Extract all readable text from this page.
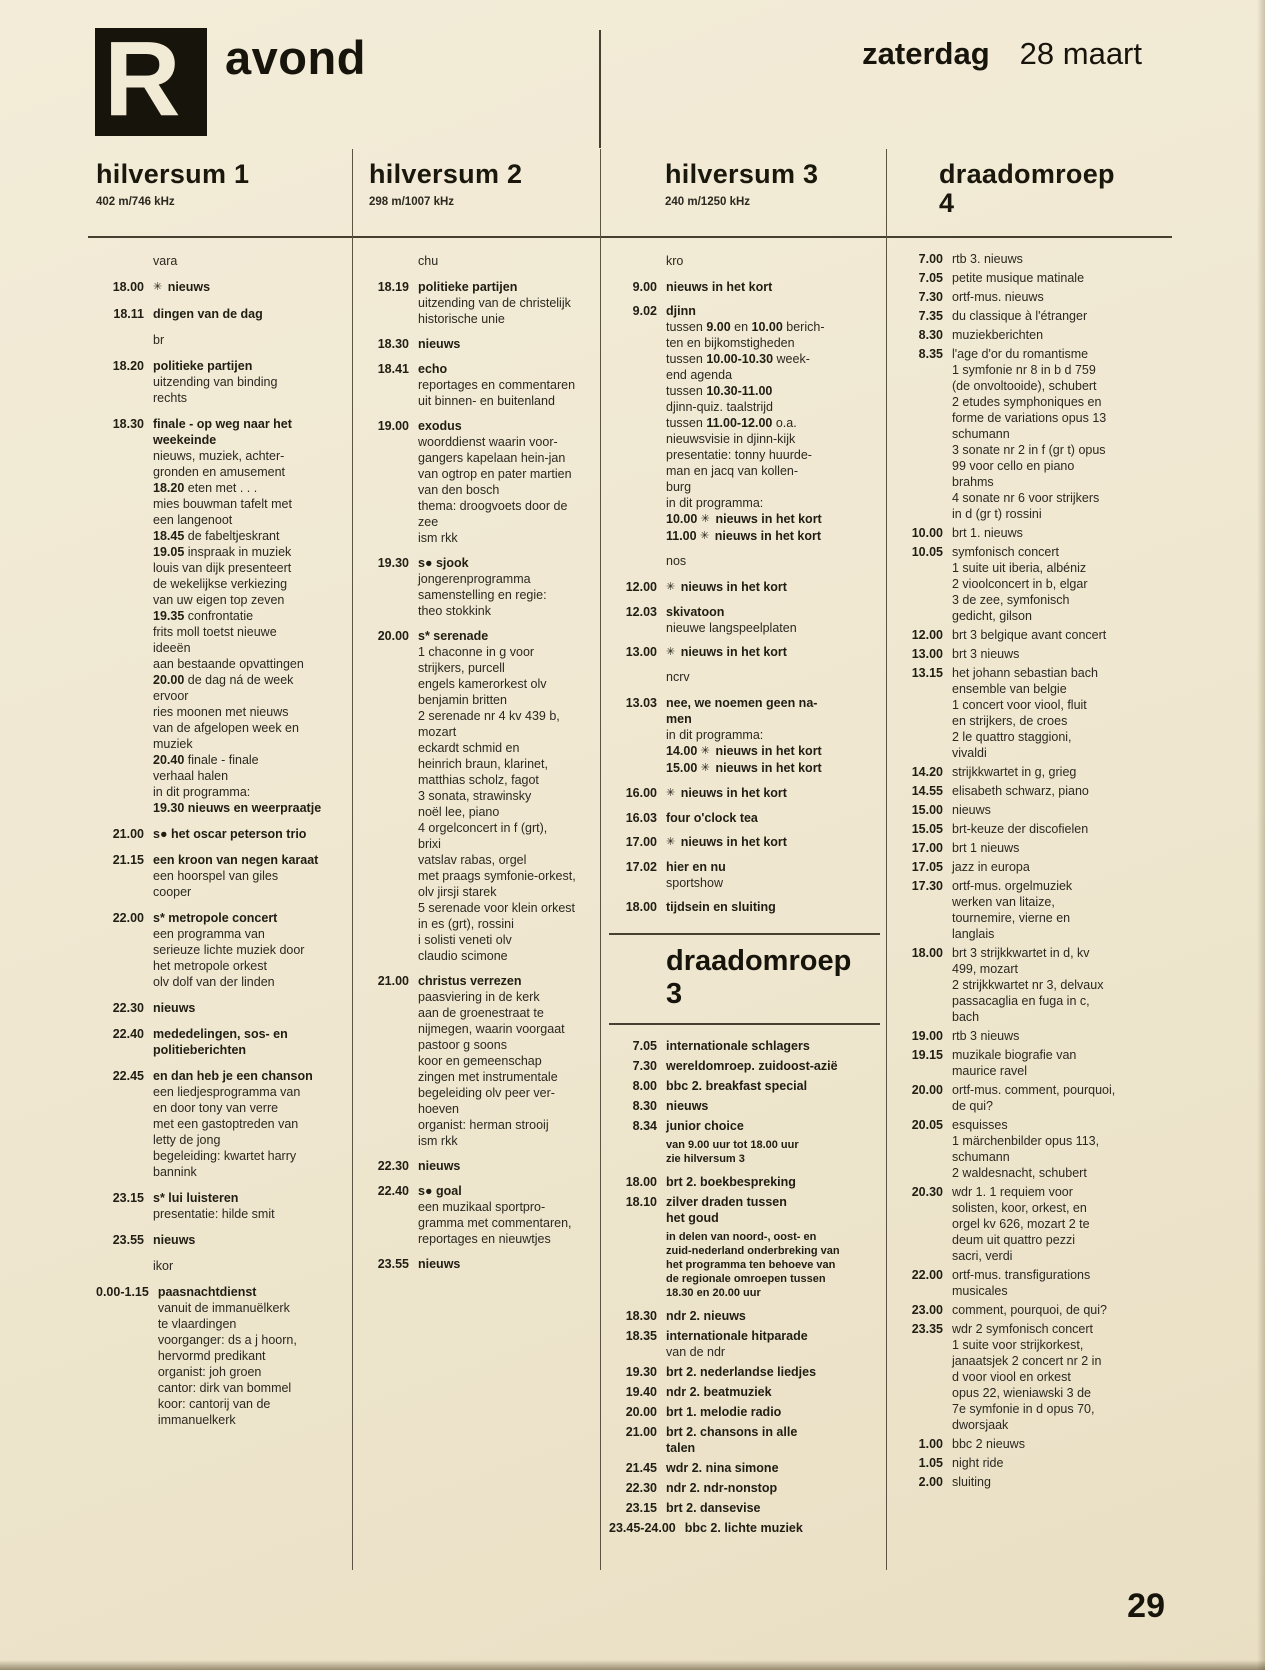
R	avond	zaterdag 28 maart
hilversum 1
402 m/746 kHz
vara
18.00 ✳ nieuws
18.11 dingen van de dag
br
18.20 politieke partijen
uitzending van binding
rechts
18.30 finale - op weg naar het
weekeinde
nieuws, muziek, achter-
gronden en amusement
18.20 eten met . . .
mies bouwman tafelt met
een langenoot
18.45 de fabeltjeskrant
19.05 inspraak in muziek
louis van dijk presenteert
de wekelijkse verkiezing
van uw eigen top zeven
19.35 confrontatie
frits moll toetst nieuwe
ideeën
aan bestaande opvattingen
20.00 de dag ná de week
ervoor
ries moonen met nieuws
van de afgelopen week en
muziek
20.40 finale - finale
verhaal halen
in dit programma:
19.30 nieuws en weerpraatje
21.00 s● het oscar peterson trio
21.15 een kroon van negen karaat
een hoorspel van giles
cooper
22.00 s* metropole concert
een programma van
serieuze lichte muziek door
het metropole orkest
olv dolf van der linden
22.30 nieuws
22.40 mededelingen, sos- en
politieberichten
22.45 en dan heb je een chanson
een liedjesprogramma van
en door tony van verre
met een gastoptreden van
letty de jong
begeleiding: kwartet harry
bannink
23.15 s* lui luisteren
presentatie: hilde smit
23.55 nieuws
ikor
0.00-1.15 paasnachtdienst
vanuit de immanuëlkerk
te vlaardingen
voorganger: ds a j hoorn,
hervormd predikant
organist: joh groen
cantor: dirk van bommel
koor: cantorij van de
immanuelkerk
hilversum 2
298 m/1007 kHz
chu
18.19 politieke partijen
uitzending van de christelijk
historische unie
18.30 nieuws
18.41 echo
reportages en commentaren
uit binnen- en buitenland
19.00 exodus
woorddienst waarin voor-
gangers kapelaan hein-jan
van ogtrop en pater martien
van den bosch
thema: droogvoets door de
zee
ism rkk
19.30 s● sjook
jongerenprogramma
samenstelling en regie:
theo stokkink
20.00 s* serenade
1 chaconne in g voor
strijkers, purcell
engels kamerorkest olv
benjamin britten
2 serenade nr 4 kv 439 b,
mozart
eckardt schmid en
heinrich braun, klarinet,
matthias scholz, fagot
3 sonata, strawinsky
noël lee, piano
4 orgelconcert in f (grt),
brixi
vatslav rabas, orgel
met praags symfonie-orkest,
olv jirsji starek
5 serenade voor klein orkest
in es (grt), rossini
i solisti veneti olv
claudio scimone
21.00 christus verrezen
paasviering in de kerk
aan de groenestraat te
nijmegen, waarin voorgaat
pastoor g soons
koor en gemeenschap
zingen met instrumentale
begeleiding olv peer ver-
hoeven
organist: herman strooij
ism rkk
22.30 nieuws
22.40 s● goal
een muzikaal sportpro-
gramma met commentaren,
reportages en nieuwtjes
23.55 nieuws
hilversum 3
240 m/1250 kHz
kro
9.00 nieuws in het kort
9.02 djinn
tussen 9.00 en 10.00 berich-
ten en bijkomstigheden
tussen 10.00-10.30 week-
end agenda
tussen 10.30-11.00
djinn-quiz. taalstrijd
tussen 11.00-12.00 o.a.
nieuwsvisie in djinn-kijk
presentatie: tonny huurde-
man en jacq van kollen-
burg
in dit programma:
10.00 ✳ nieuws in het kort
11.00 ✳ nieuws in het kort
nos
12.00 ✳ nieuws in het kort
12.03 skivatoon
nieuwe langspeelplaten
13.00 ✳ nieuws in het kort
ncrv
13.03 nee, we noemen geen na-
men
in dit programma:
14.00 ✳ nieuws in het kort
15.00 ✳ nieuws in het kort
16.00 ✳ nieuws in het kort
16.03 four o'clock tea
17.00 ✳ nieuws in het kort
17.02 hier en nu
sportshow
18.00 tijdsein en sluiting
draadomroep
3
7.05 internationale schlagers
7.30 wereldomroep. zuidoost-azië
8.00 bbc 2. breakfast special
8.30 nieuws
8.34 junior choice
van 9.00 uur tot 18.00 uur
zie hilversum 3
18.00 brt 2. boekbespreking
18.10 zilver draden tussen
het goud
in delen van noord-, oost- en
zuid-nederland onderbreking van
het programma ten behoeve van
de regionale omroepen tussen
18.30 en 20.00 uur
18.30 ndr 2. nieuws
18.35 internationale hitparade
van de ndr
19.30 brt 2. nederlandse liedjes
19.40 ndr 2. beatmuziek
20.00 brt 1. melodie radio
21.00 brt 2. chansons in alle
talen
21.45 wdr 2. nina simone
22.30 ndr 2. ndr-nonstop
23.15 brt 2. dansevise
23.45-24.00 bbc 2. lichte muziek
draadomroep
4
7.00 rtb 3. nieuws
7.05 petite musique matinale
7.30 ortf-mus. nieuws
7.35 du classique à l'étranger
8.30 muziekberichten
8.35 l'age d'or du romantisme
1 symfonie nr 8 in b d 759
(de onvoltooide), schubert
2 etudes symphoniques en
forme de variations opus 13
schumann
3 sonate nr 2 in f (gr t) opus
99 voor cello en piano
brahms
4 sonate nr 6 voor strijkers
in d (gr t) rossini
10.00 brt 1. nieuws
10.05 symfonisch concert
1 suite uit iberia, albéniz
2 vioolconcert in b, elgar
3 de zee, symfonisch
gedicht, gilson
12.00 brt 3 belgique avant concert
13.00 brt 3 nieuws
13.15 het johann sebastian bach
ensemble van belgie
1 concert voor viool, fluit
en strijkers, de croes
2 le quattro staggioni,
vivaldi
14.20 strijkkwartet in g, grieg
14.55 elisabeth schwarz, piano
15.00 nieuws
15.05 brt-keuze der discofielen
17.00 brt 1 nieuws
17.05 jazz in europa
17.30 ortf-mus. orgelmuziek
werken van litaize,
tournemire, vierne en
langlais
18.00 brt 3 strijkkwartet in d, kv
499, mozart
2 strijkkwartet nr 3, delvaux
passacaglia en fuga in c,
bach
19.00 rtb 3 nieuws
19.15 muzikale biografie van
maurice ravel
20.00 ortf-mus. comment, pourquoi,
de qui?
20.05 esquisses
1 märchenbilder opus 113,
schumann
2 waldesnacht, schubert
20.30 wdr 1. 1 requiem voor
solisten, koor, orkest, en
orgel kv 626, mozart 2 te
deum uit quattro pezzi
sacri, verdi
22.00 ortf-mus. transfigurations
musicales
23.00 comment, pourquoi, de qui?
23.35 wdr 2 symfonisch concert
1 suite voor strijkorkest,
janaatsjek 2 concert nr 2 in
d voor viool en orkest
opus 22, wieniawski 3 de
7e symfonie in d opus 70,
dworsjaak
1.00 bbc 2 nieuws
1.05 night ride
2.00 sluiting
29
